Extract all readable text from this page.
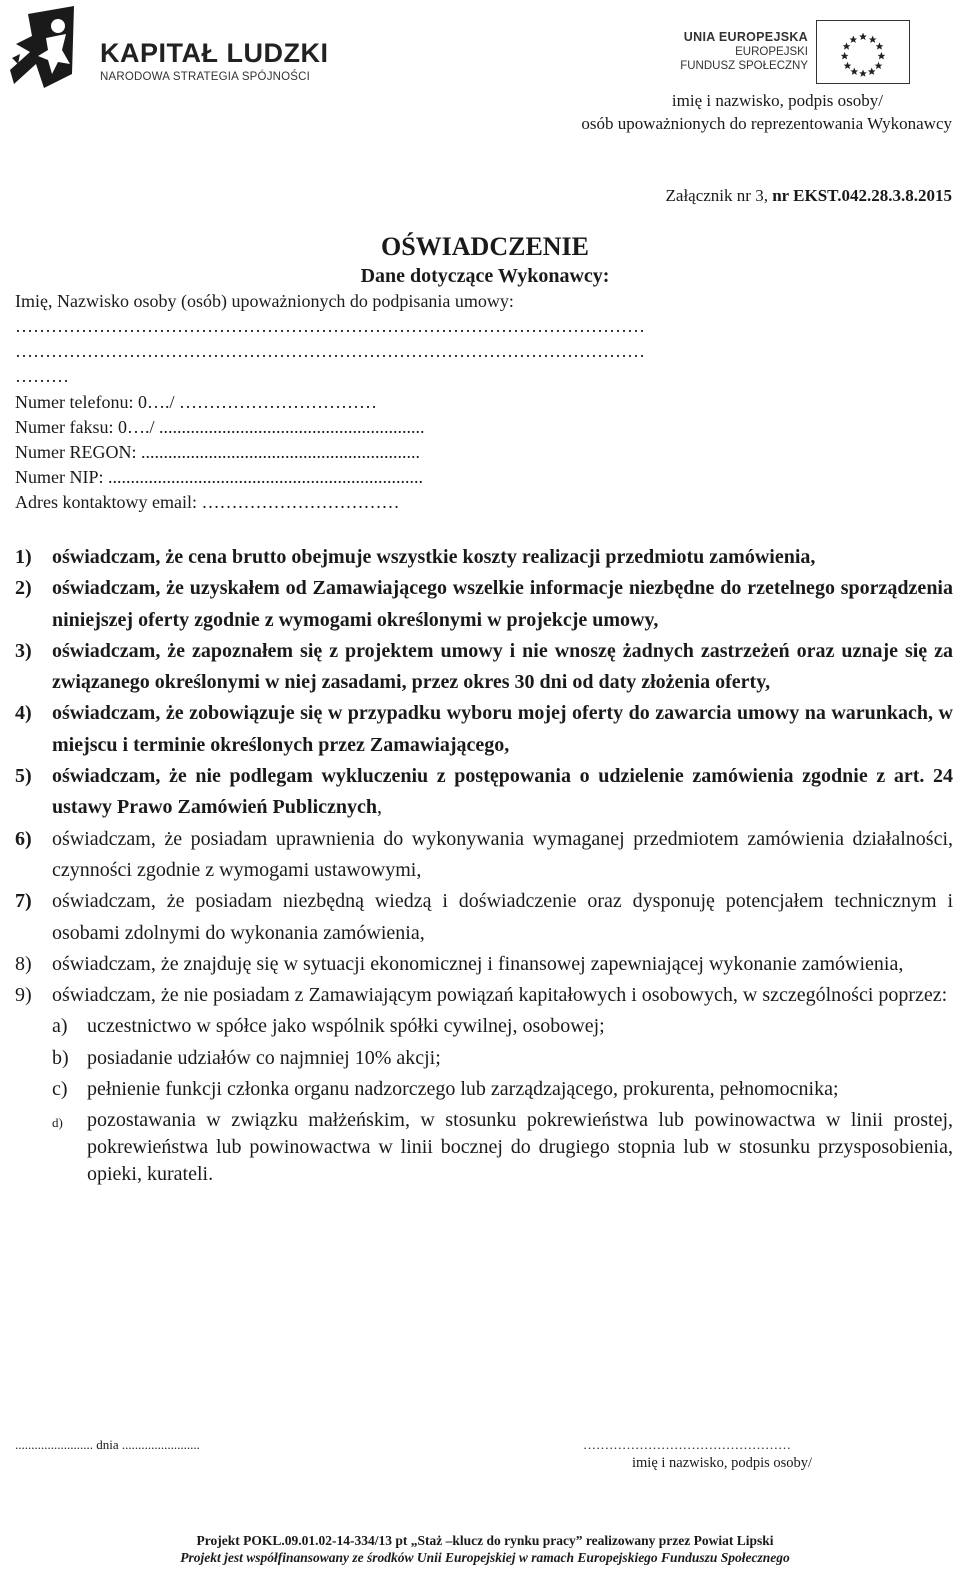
KAPITAŁ LUDZKI
NARODOWA STRATEGIA SPÓJNOŚCI
UNIA EUROPEJSKA
EUROPEJSKI
FUNDUSZ SPOŁECZNY
imię i nazwisko, podpis osoby/
osób upoważnionych do reprezentowania Wykonawcy
Załącznik nr 3, nr EKST.042.28.3.8.2015
OŚWIADCZENIE
Dane dotyczące Wykonawcy:
Imię, Nazwisko osoby (osób) upoważnionych do podpisania umowy:
……………………………………………………………………………………………
……………………………………………………………………………………………
………
Numer telefonu: 0…./ ……………………………
Numer faksu: 0…./ ...........................................................
Numer REGON: ..............................................................
Numer NIP: ......................................................................
Adres kontaktowy email: ……………………………
1) oświadczam, że cena brutto obejmuje wszystkie koszty realizacji przedmiotu zamówienia,
2) oświadczam, że uzyskałem od Zamawiającego wszelkie informacje niezbędne do rzetelnego sporządzenia niniejszej oferty zgodnie z wymogami określonymi w projekcje umowy,
3) oświadczam, że zapoznałem się z projektem umowy i nie wnoszę żadnych zastrzeżeń oraz uznaje się za związanego określonymi w niej zasadami, przez okres 30 dni od daty złożenia oferty,
4) oświadczam, że zobowiązuje się w przypadku wyboru mojej oferty do zawarcia umowy na warunkach, w miejscu i terminie określonych przez Zamawiającego,
5) oświadczam, że nie podlegam wykluczeniu z postępowania o udzielenie zamówienia zgodnie z art. 24 ustawy Prawo Zamówień Publicznych,
6) oświadczam, że posiadam uprawnienia do wykonywania wymaganej przedmiotem zamówienia działalności, czynności zgodnie z wymogami ustawowymi,
7) oświadczam, że posiadam niezbędną wiedzą i doświadczenie oraz dysponuję potencjałem technicznym i osobami zdolnymi do wykonania zamówienia,
8) oświadczam, że znajduję się w sytuacji ekonomicznej i finansowej zapewniającej wykonanie zamówienia,
9) oświadczam, że nie posiadam z Zamawiającym powiązań kapitałowych i osobowych, w szczególności poprzez:
a) uczestnictwo w spółce jako wspólnik spółki cywilnej, osobowej;
b) posiadanie udziałów co najmniej 10% akcji;
c) pełnienie funkcji członka organu nadzorczego lub zarządzającego, prokurenta, pełnomocnika;
d) pozostawania w związku małżeńskim, w stosunku pokrewieństwa lub powinowactwa w linii prostej, pokrewieństwa lub powinowactwa w linii bocznej do drugiego stopnia lub w stosunku przysposobienia, opieki, kurateli.
........................ dnia ........................	…………………………………………
imię i nazwisko, podpis osoby/
Projekt POKL.09.01.02-14-334/13 pt „Staż –klucz do rynku pracy” realizowany przez Powiat Lipski
Projekt jest współfinansowany ze środków Unii Europejskiej w ramach Europejskiego Funduszu Społecznego
